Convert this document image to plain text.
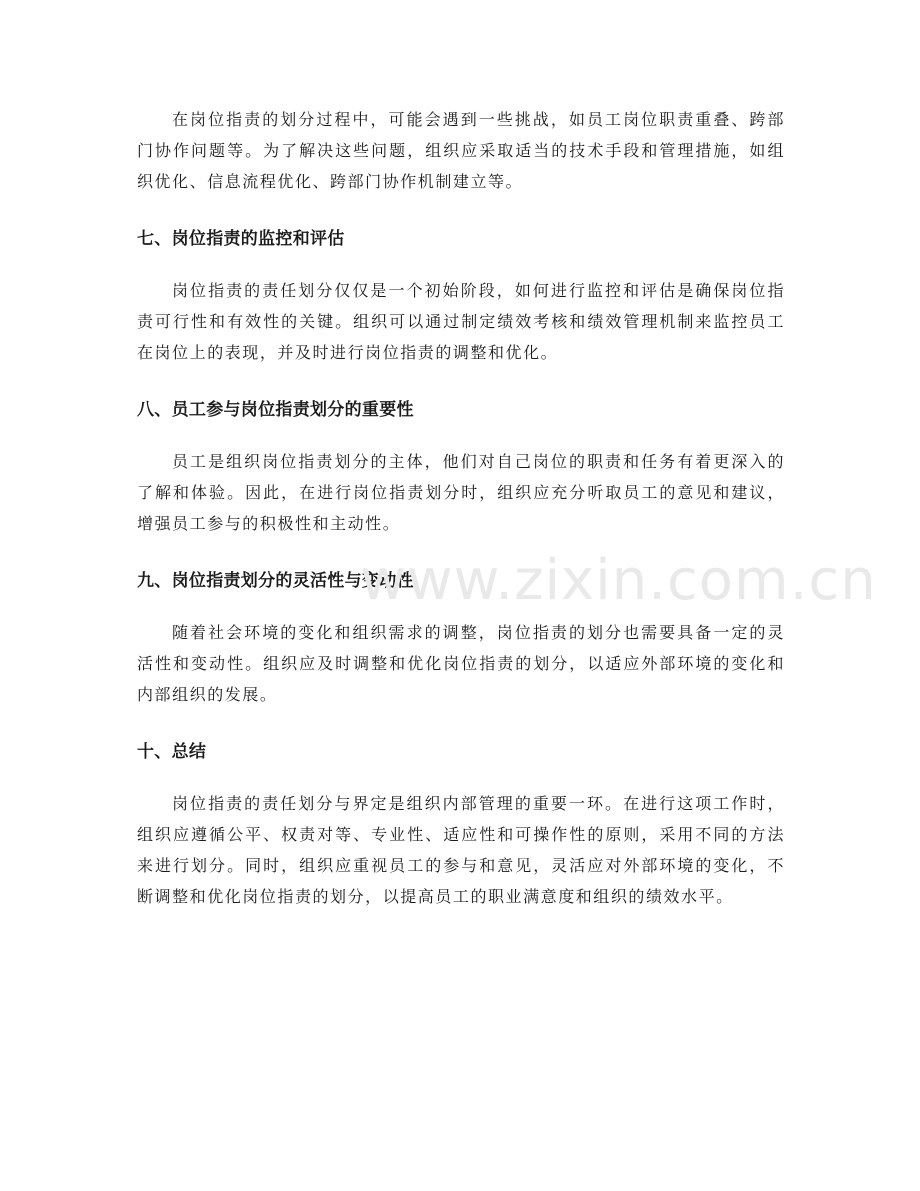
在岗位指责的划分过程中，可能会遇到一些挑战，如员工岗位职责重叠、跨部门协作问题等。为了解决这些问题，组织应采取适当的技术手段和管理措施，如组织优化、信息流程优化、跨部门协作机制建立等。

七、岗位指责的监控和评估

岗位指责的责任划分仅仅是一个初始阶段，如何进行监控和评估是确保岗位指责可行性和有效性的关键。组织可以通过制定绩效考核和绩效管理机制来监控员工在岗位上的表现，并及时进行岗位指责的调整和优化。

八、员工参与岗位指责划分的重要性

员工是组织岗位指责划分的主体，他们对自己岗位的职责和任务有着更深入的了解和体验。因此，在进行岗位指责划分时，组织应充分听取员工的意见和建议，增强员工参与的积极性和主动性。

九、岗位指责划分的灵活性与变动性

随着社会环境的变化和组织需求的调整，岗位指责的划分也需要具备一定的灵活性和变动性。组织应及时调整和优化岗位指责的划分，以适应外部环境的变化和内部组织的发展。

十、总结

岗位指责的责任划分与界定是组织内部管理的重要一环。在进行这项工作时，组织应遵循公平、权责对等、专业性、适应性和可操作性的原则，采用不同的方法来进行划分。同时，组织应重视员工的参与和意见，灵活应对外部环境的变化，不断调整和优化岗位指责的划分，以提高员工的职业满意度和组织的绩效水平。

www.zixin.com.cn
